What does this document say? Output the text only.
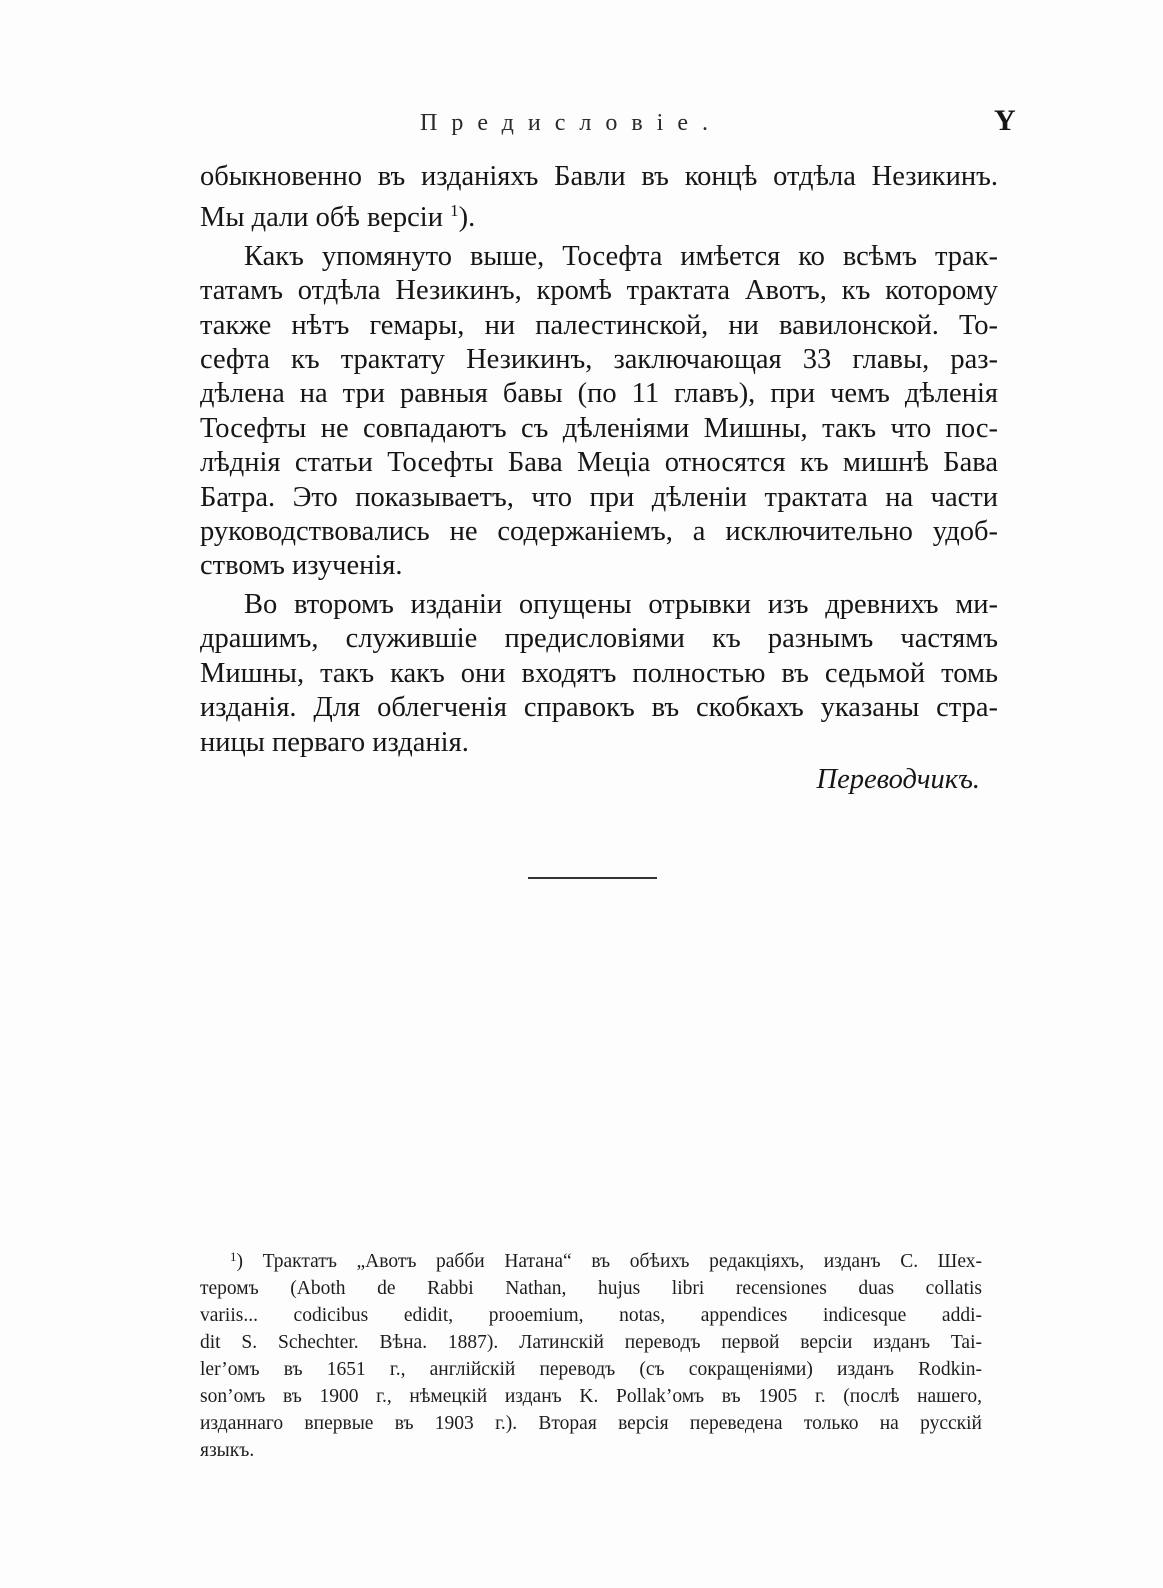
Предисловіе.	Y
обыкновенно въ изданіяхъ Бавли въ концѣ отдѣла Незикинъ.
Мы дали обѣ версіи $^1$).
Какъ упомянуто выше, Тосефта имѣется ко всѣмъ трак-
татамъ отдѣла Незикинъ, кромѣ трактата Авотъ, къ которому
также нѣтъ гемары, ни палестинской, ни вавилонской. То-
сефта къ трактату Незикинъ, заключающая 33 главы, раз-
дѣлена на три равныя бавы (по 11 главъ), при чемъ дѣленія
Тосефты не совпадаютъ съ дѣленіями Мишны, такъ что пос-
лѣднія статьи Тосефты Бава Меціа относятся къ мишнѣ Бава
Батра. Это показываетъ, что при дѣленіи трактата на части
руководствовались не содержаніемъ, а исключительно удоб-
ствомъ изученія.
Во второмъ изданіи опущены отрывки изъ древнихъ ми-
драшимъ, служившіе предисловіями къ разнымъ частямъ
Мишны, такъ какъ они входятъ полностью въ седьмой томь
изданія. Для облегченія справокъ въ скобкахъ указаны стра-
ницы перваго изданія.
Переводчикъ.
$^1$) Трактатъ „Авотъ рабби Натана“ въ обѣихъ редакціяхъ, изданъ С. Шех-
теромъ (Aboth de Rabbi Nathan, hujus libri recensiones duas collatis
variis... codicibus edidit, prooemium, notas, appendices indicesque addi-
dit S. Schechter. Вѣна. 1887). Латинскій переводъ первой версіи изданъ Tai-
ler’омъ въ 1651 г., англійскій переводъ (съ сокращеніями) изданъ Rodkin-
son’омъ въ 1900 г., нѣмецкій изданъ K. Pollak’омъ въ 1905 г. (послѣ нашего,
изданнаго впервые въ 1903 г.). Вторая версія переведена только на русскій
языкъ.
